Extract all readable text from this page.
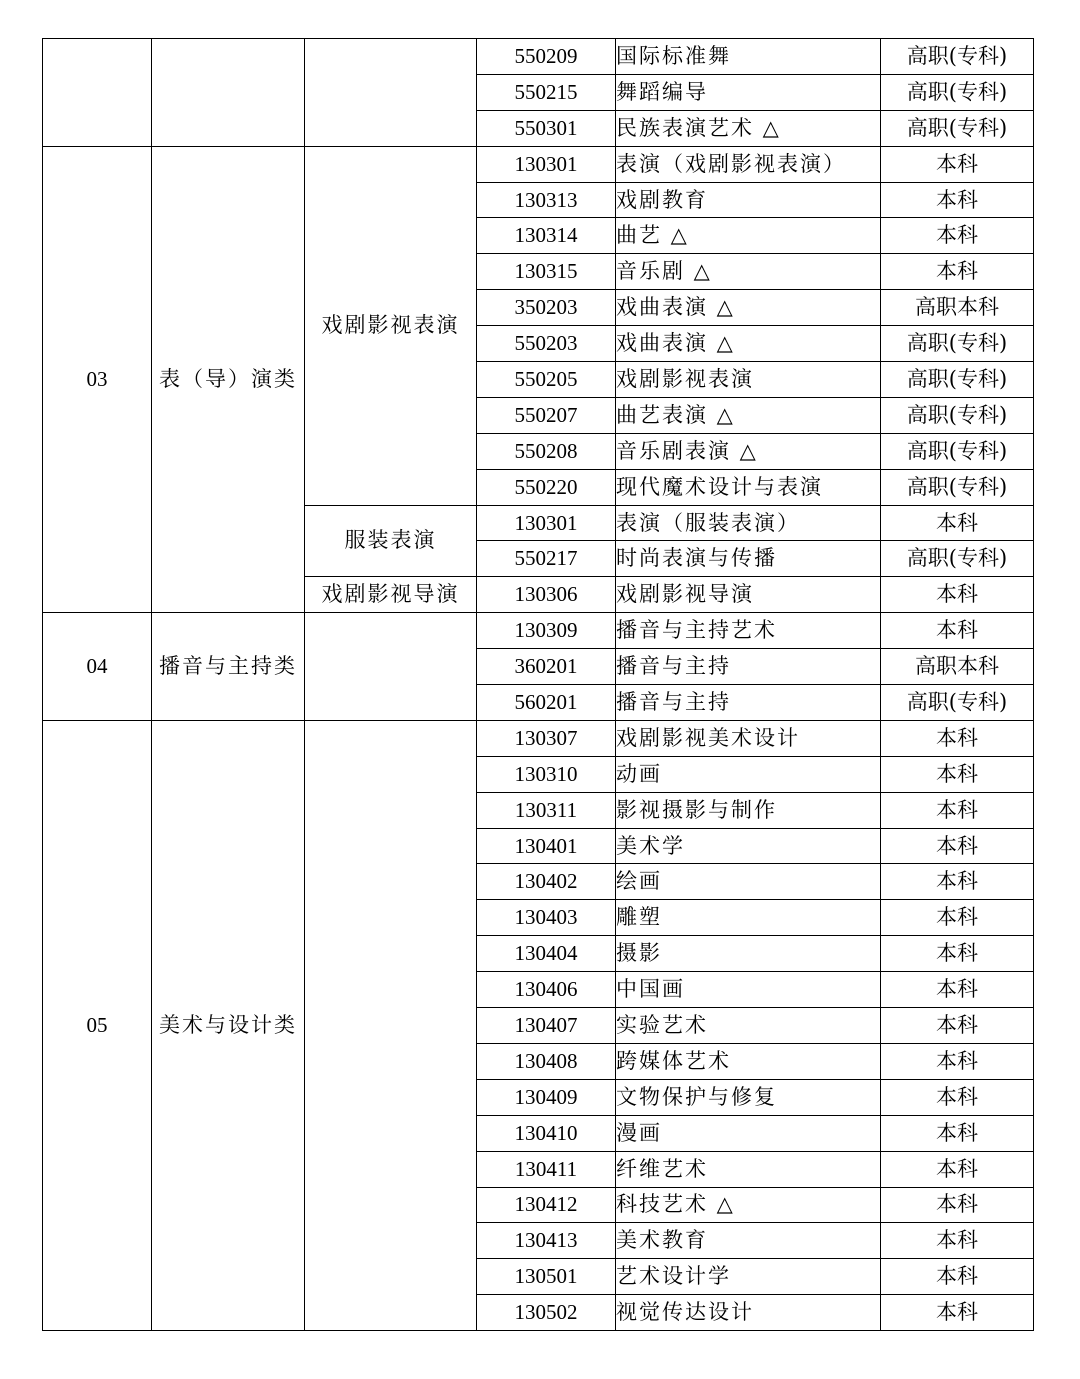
			550209	国际标准舞	高职(专科)
			550215	舞蹈编导	高职(专科)
			550301	民族表演艺术 △	高职(专科)
03	表（导）演类	戏剧影视表演	130301	表演（戏剧影视表演）	本科
			130313	戏剧教育	本科
			130314	曲艺 △	本科
			130315	音乐剧 △	本科
			350203	戏曲表演 △	高职本科
			550203	戏曲表演 △	高职(专科)
			550205	戏剧影视表演	高职(专科)
			550207	曲艺表演 △	高职(专科)
			550208	音乐剧表演 △	高职(专科)
			550220	现代魔术设计与表演	高职(专科)
		服装表演	130301	表演（服装表演）	本科
			550217	时尚表演与传播	高职(专科)
		戏剧影视导演	130306	戏剧影视导演	本科
04	播音与主持类		130309	播音与主持艺术	本科
			360201	播音与主持	高职本科
			560201	播音与主持	高职(专科)
05	美术与设计类		130307	戏剧影视美术设计	本科
			130310	动画	本科
			130311	影视摄影与制作	本科
			130401	美术学	本科
			130402	绘画	本科
			130403	雕塑	本科
			130404	摄影	本科
			130406	中国画	本科
			130407	实验艺术	本科
			130408	跨媒体艺术	本科
			130409	文物保护与修复	本科
			130410	漫画	本科
			130411	纤维艺术	本科
			130412	科技艺术 △	本科
			130413	美术教育	本科
			130501	艺术设计学	本科
			130502	视觉传达设计	本科
